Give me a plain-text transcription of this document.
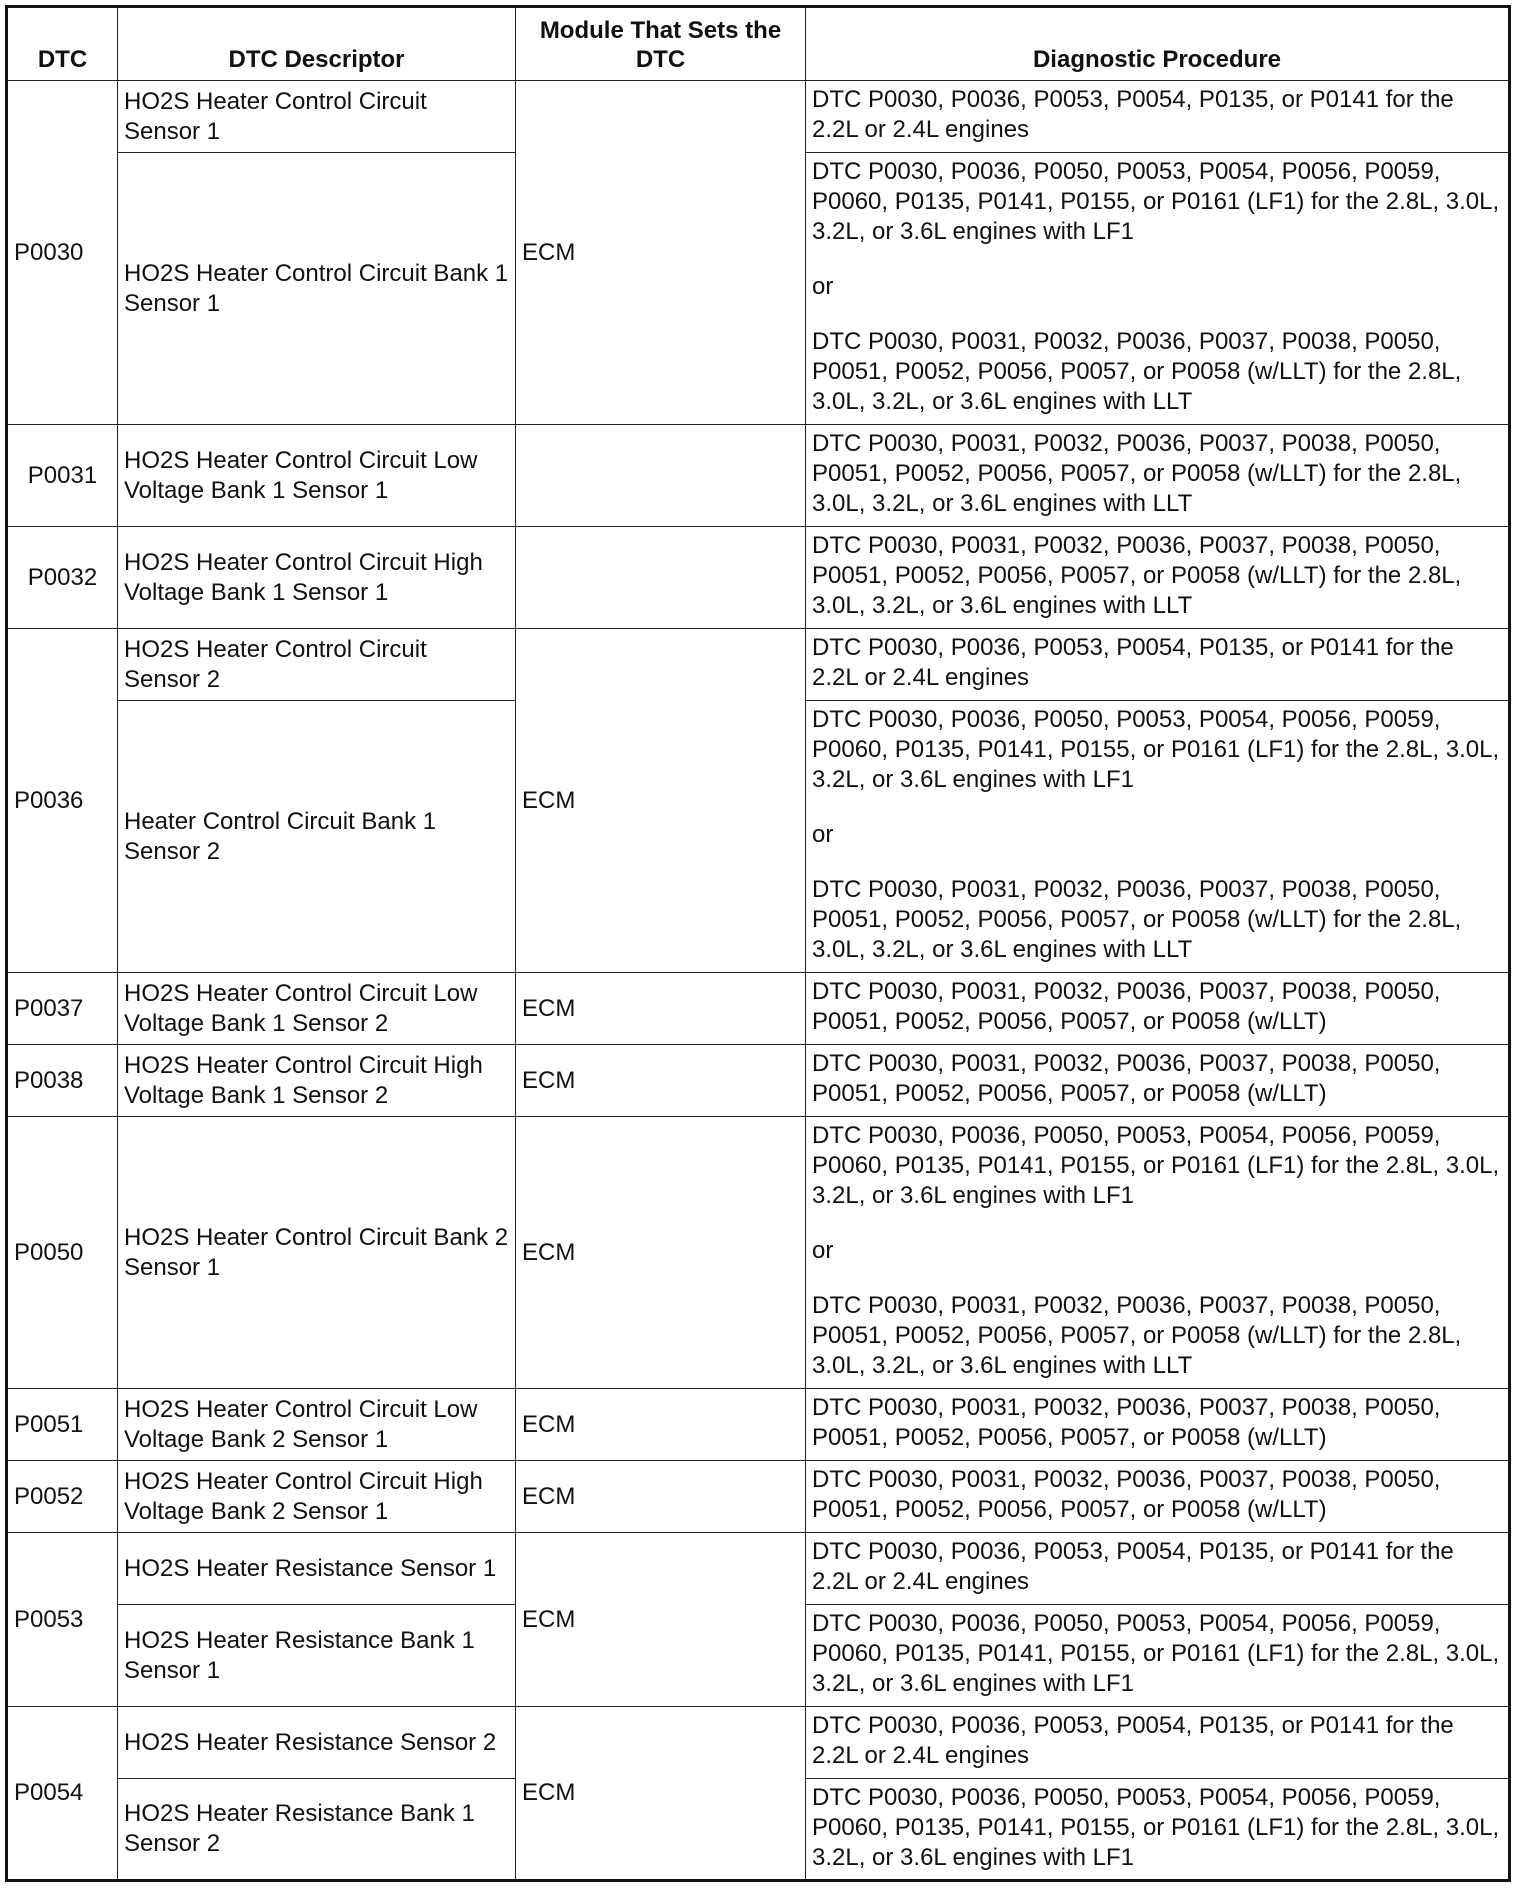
DTC	DTC Descriptor	Module That Sets the DTC	Diagnostic Procedure
P0030	HO2S Heater Control Circuit Sensor 1	ECM	DTC P0030, P0036, P0053, P0054, P0135, or P0141 for the 2.2L or 2.4L engines
	HO2S Heater Control Circuit Bank 1 Sensor 1		DTC P0030, P0036, P0050, P0053, P0054, P0056, P0059, P0060, P0135, P0141, P0155, or P0161 (LF1) for the 2.8L, 3.0L, 3.2L, or 3.6L engines with LF1
or
DTC P0030, P0031, P0032, P0036, P0037, P0038, P0050, P0051, P0052, P0056, P0057, or P0058 (w/LLT) for the 2.8L, 3.0L, 3.2L, or 3.6L engines with LLT

P0031	HO2S Heater Control Circuit Low Voltage Bank 1 Sensor 1		DTC P0030, P0031, P0032, P0036, P0037, P0038, P0050, P0051, P0052, P0056, P0057, or P0058 (w/LLT) for the 2.8L, 3.0L, 3.2L, or 3.6L engines with LLT
P0032	HO2S Heater Control Circuit High Voltage Bank 1 Sensor 1		DTC P0030, P0031, P0032, P0036, P0037, P0038, P0050, P0051, P0052, P0056, P0057, or P0058 (w/LLT) for the 2.8L, 3.0L, 3.2L, or 3.6L engines with LLT
P0036	HO2S Heater Control Circuit Sensor 2	ECM	DTC P0030, P0036, P0053, P0054, P0135, or P0141 for the 2.2L or 2.4L engines
	Heater Control Circuit Bank 1 Sensor 2		DTC P0030, P0036, P0050, P0053, P0054, P0056, P0059, P0060, P0135, P0141, P0155, or P0161 (LF1) for the 2.8L, 3.0L, 3.2L, or 3.6L engines with LF1
or
DTC P0030, P0031, P0032, P0036, P0037, P0038, P0050, P0051, P0052, P0056, P0057, or P0058 (w/LLT) for the 2.8L, 3.0L, 3.2L, or 3.6L engines with LLT

P0037	HO2S Heater Control Circuit Low Voltage Bank 1 Sensor 2	ECM	DTC P0030, P0031, P0032, P0036, P0037, P0038, P0050, P0051, P0052, P0056, P0057, or P0058 (w/LLT)
P0038	HO2S Heater Control Circuit High Voltage Bank 1 Sensor 2	ECM	DTC P0030, P0031, P0032, P0036, P0037, P0038, P0050, P0051, P0052, P0056, P0057, or P0058 (w/LLT)
P0050	HO2S Heater Control Circuit Bank 2 Sensor 1	ECM	DTC P0030, P0036, P0050, P0053, P0054, P0056, P0059, P0060, P0135, P0141, P0155, or P0161 (LF1) for the 2.8L, 3.0L, 3.2L, or 3.6L engines with LF1
or
DTC P0030, P0031, P0032, P0036, P0037, P0038, P0050, P0051, P0052, P0056, P0057, or P0058 (w/LLT) for the 2.8L, 3.0L, 3.2L, or 3.6L engines with LLT

P0051	HO2S Heater Control Circuit Low Voltage Bank 2 Sensor 1	ECM	DTC P0030, P0031, P0032, P0036, P0037, P0038, P0050, P0051, P0052, P0056, P0057, or P0058 (w/LLT)
P0052	HO2S Heater Control Circuit High Voltage Bank 2 Sensor 1	ECM	DTC P0030, P0031, P0032, P0036, P0037, P0038, P0050, P0051, P0052, P0056, P0057, or P0058 (w/LLT)
P0053	HO2S Heater Resistance Sensor 1	ECM	DTC P0030, P0036, P0053, P0054, P0135, or P0141 for the 2.2L or 2.4L engines
	HO2S Heater Resistance Bank 1 Sensor 1		DTC P0030, P0036, P0050, P0053, P0054, P0056, P0059, P0060, P0135, P0141, P0155, or P0161 (LF1) for the 2.8L, 3.0L, 3.2L, or 3.6L engines with LF1
P0054	HO2S Heater Resistance Sensor 2	ECM	DTC P0030, P0036, P0053, P0054, P0135, or P0141 for the 2.2L or 2.4L engines
	HO2S Heater Resistance Bank 1 Sensor 2		DTC P0030, P0036, P0050, P0053, P0054, P0056, P0059, P0060, P0135, P0141, P0155, or P0161 (LF1) for the 2.8L, 3.0L, 3.2L, or 3.6L engines with LF1
